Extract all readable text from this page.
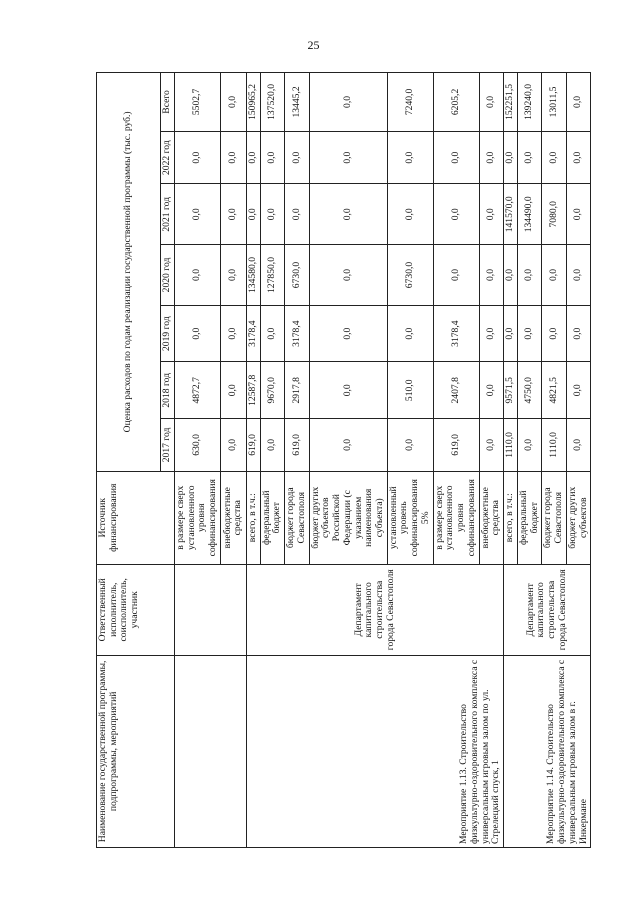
25
Наименование государственной программы, подпрограммы, мероприятий	Ответственный исполнитель, соисполнитель, участник	Источник финансирования	Оценка расходов по годам реализации государственной программы (тыс. руб.)						
			2017 год	2018 год	2019 год	2020 год	2021 год	2022 год	Всего
		в размере сверх установленного уровня софинансирования	630,0	4872,7	0,0	0,0	0,0	0,0	5502,7
		внебюджетные средства	0,0	0,0	0,0	0,0	0,0	0,0	0,0
Мероприятие 1.13. Строительство физкультурно-оздоровительного комплекса с универсальным игровым залом по ул. Стрелецкий спуск, 1	Департамент капитального строительства города Севастополя	всего, в т.ч.:	619,0	12587,8	3178,4	134580,0	0,0	0,0	150965,2
		федеральный бюджет	0,0	9670,0	0,0	127850,0	0,0	0,0	137520,0
		бюджет города Севастополя	619,0	2917,8	3178,4	6730,0	0,0	0,0	13445,2
		бюджет других субъектов Российской Федерации (с указанием наименования субъекта)	0,0	0,0	0,0	0,0	0,0	0,0	0,0
		установленный уровень софинансирования 5%	0,0	510,0	0,0	6730,0	0,0	0,0	7240,0
		в размере сверх установленного уровня софинансирования	619,0	2407,8	3178,4	0,0	0,0	0,0	6205,2
		внебюджетные средства	0,0	0,0	0,0	0,0	0,0	0,0	0,0
Мероприятие 1.14. Строительство физкультурно-оздоровительного комплекса с универсальным игровым залом в г. Инкермане	Департамент капитального строительства города Севастополя	всего, в т.ч.:	1110,0	9571,5	0,0	0,0	141570,0	0,0	152251,5
		федеральный бюджет	0,0	4750,0	0,0	0,0	134490,0	0,0	139240,0
		бюджет города Севастополя	1110,0	4821,5	0,0	0,0	7080,0	0,0	13011,5
		бюджет других субъектов	0,0	0,0	0,0	0,0	0,0	0,0	0,0
